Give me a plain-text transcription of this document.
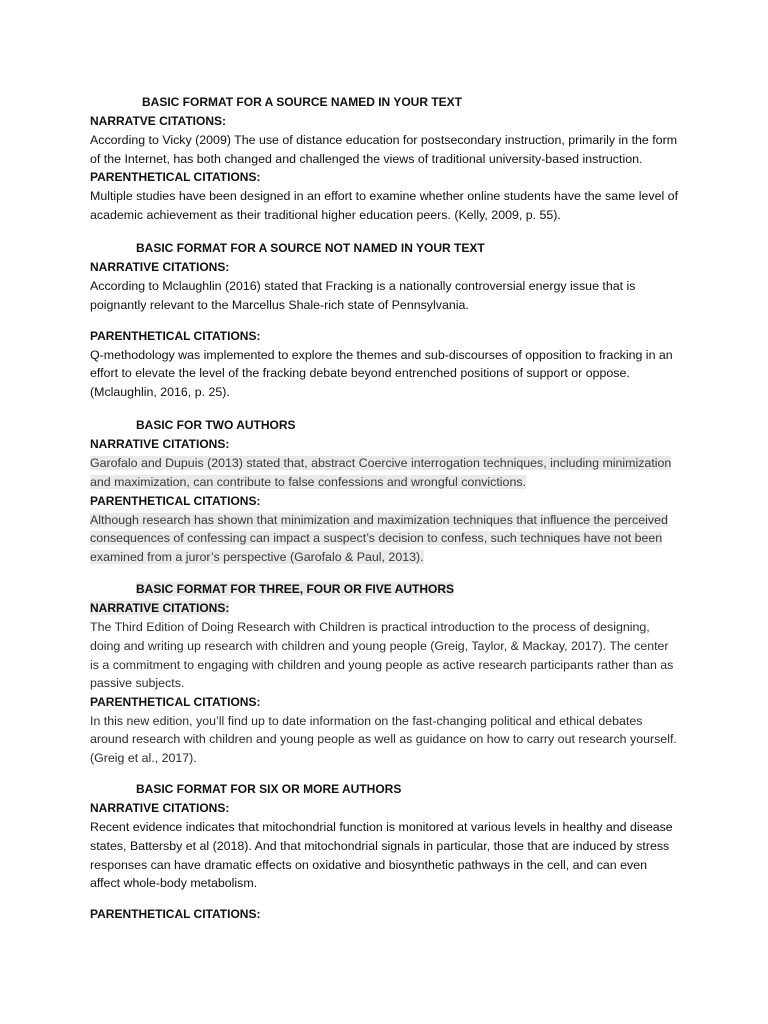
BASIC FORMAT FOR A SOURCE NAMED IN YOUR TEXT

NARRATVE CITATIONS:

According to Vicky (2009) The use of distance education for postsecondary instruction, primarily in the form of the Internet, has both changed and challenged the views of traditional university-based instruction.

PARENTHETICAL CITATIONS:

Multiple studies have been designed in an effort to examine whether online students have the same level of academic achievement as their traditional higher education peers. (Kelly, 2009, p. 55).

BASIC FORMAT FOR A SOURCE NOT NAMED IN YOUR TEXT

NARRATIVE CITATIONS:

According to Mclaughlin (2016) stated that Fracking is a nationally controversial energy issue that is poignantly relevant to the Marcellus Shale-rich state of Pennsylvania.

PARENTHETICAL CITATIONS:

Q-methodology was implemented to explore the themes and sub-discourses of opposition to fracking in an effort to elevate the level of the fracking debate beyond entrenched positions of support or oppose. (Mclaughlin, 2016, p. 25).

BASIC FOR TWO AUTHORS

NARRATIVE CITATIONS:

Garofalo and Dupuis (2013) stated that, abstract Coercive interrogation techniques, including minimization and maximization, can contribute to false confessions and wrongful convictions.

PARENTHETICAL CITATIONS:

Although research has shown that minimization and maximization techniques that influence the perceived consequences of confessing can impact a suspect’s decision to confess, such techniques have not been examined from a juror’s perspective (Garofalo & Paul, 2013).

BASIC FORMAT FOR THREE, FOUR OR FIVE AUTHORS

NARRATIVE CITATIONS:

The Third Edition of Doing Research with Children is practical introduction to the process of designing, doing and writing up research with children and young people (Greig, Taylor, & Mackay, 2017). The center is a commitment to engaging with children and young people as active research participants rather than as passive subjects.

PARENTHETICAL CITATIONS:

In this new edition, you’ll find up to date information on the fast-changing political and ethical debates around research with children and young people as well as guidance on how to carry out research yourself. (Greig et al., 2017).

BASIC FORMAT FOR SIX OR MORE AUTHORS

NARRATIVE CITATIONS:

Recent evidence indicates that mitochondrial function is monitored at various levels in healthy and disease states, Battersby et al (2018). And that mitochondrial signals in particular, those that are induced by stress responses can have dramatic effects on oxidative and biosynthetic pathways in the cell, and can even affect whole-body metabolism.

PARENTHETICAL CITATIONS:
